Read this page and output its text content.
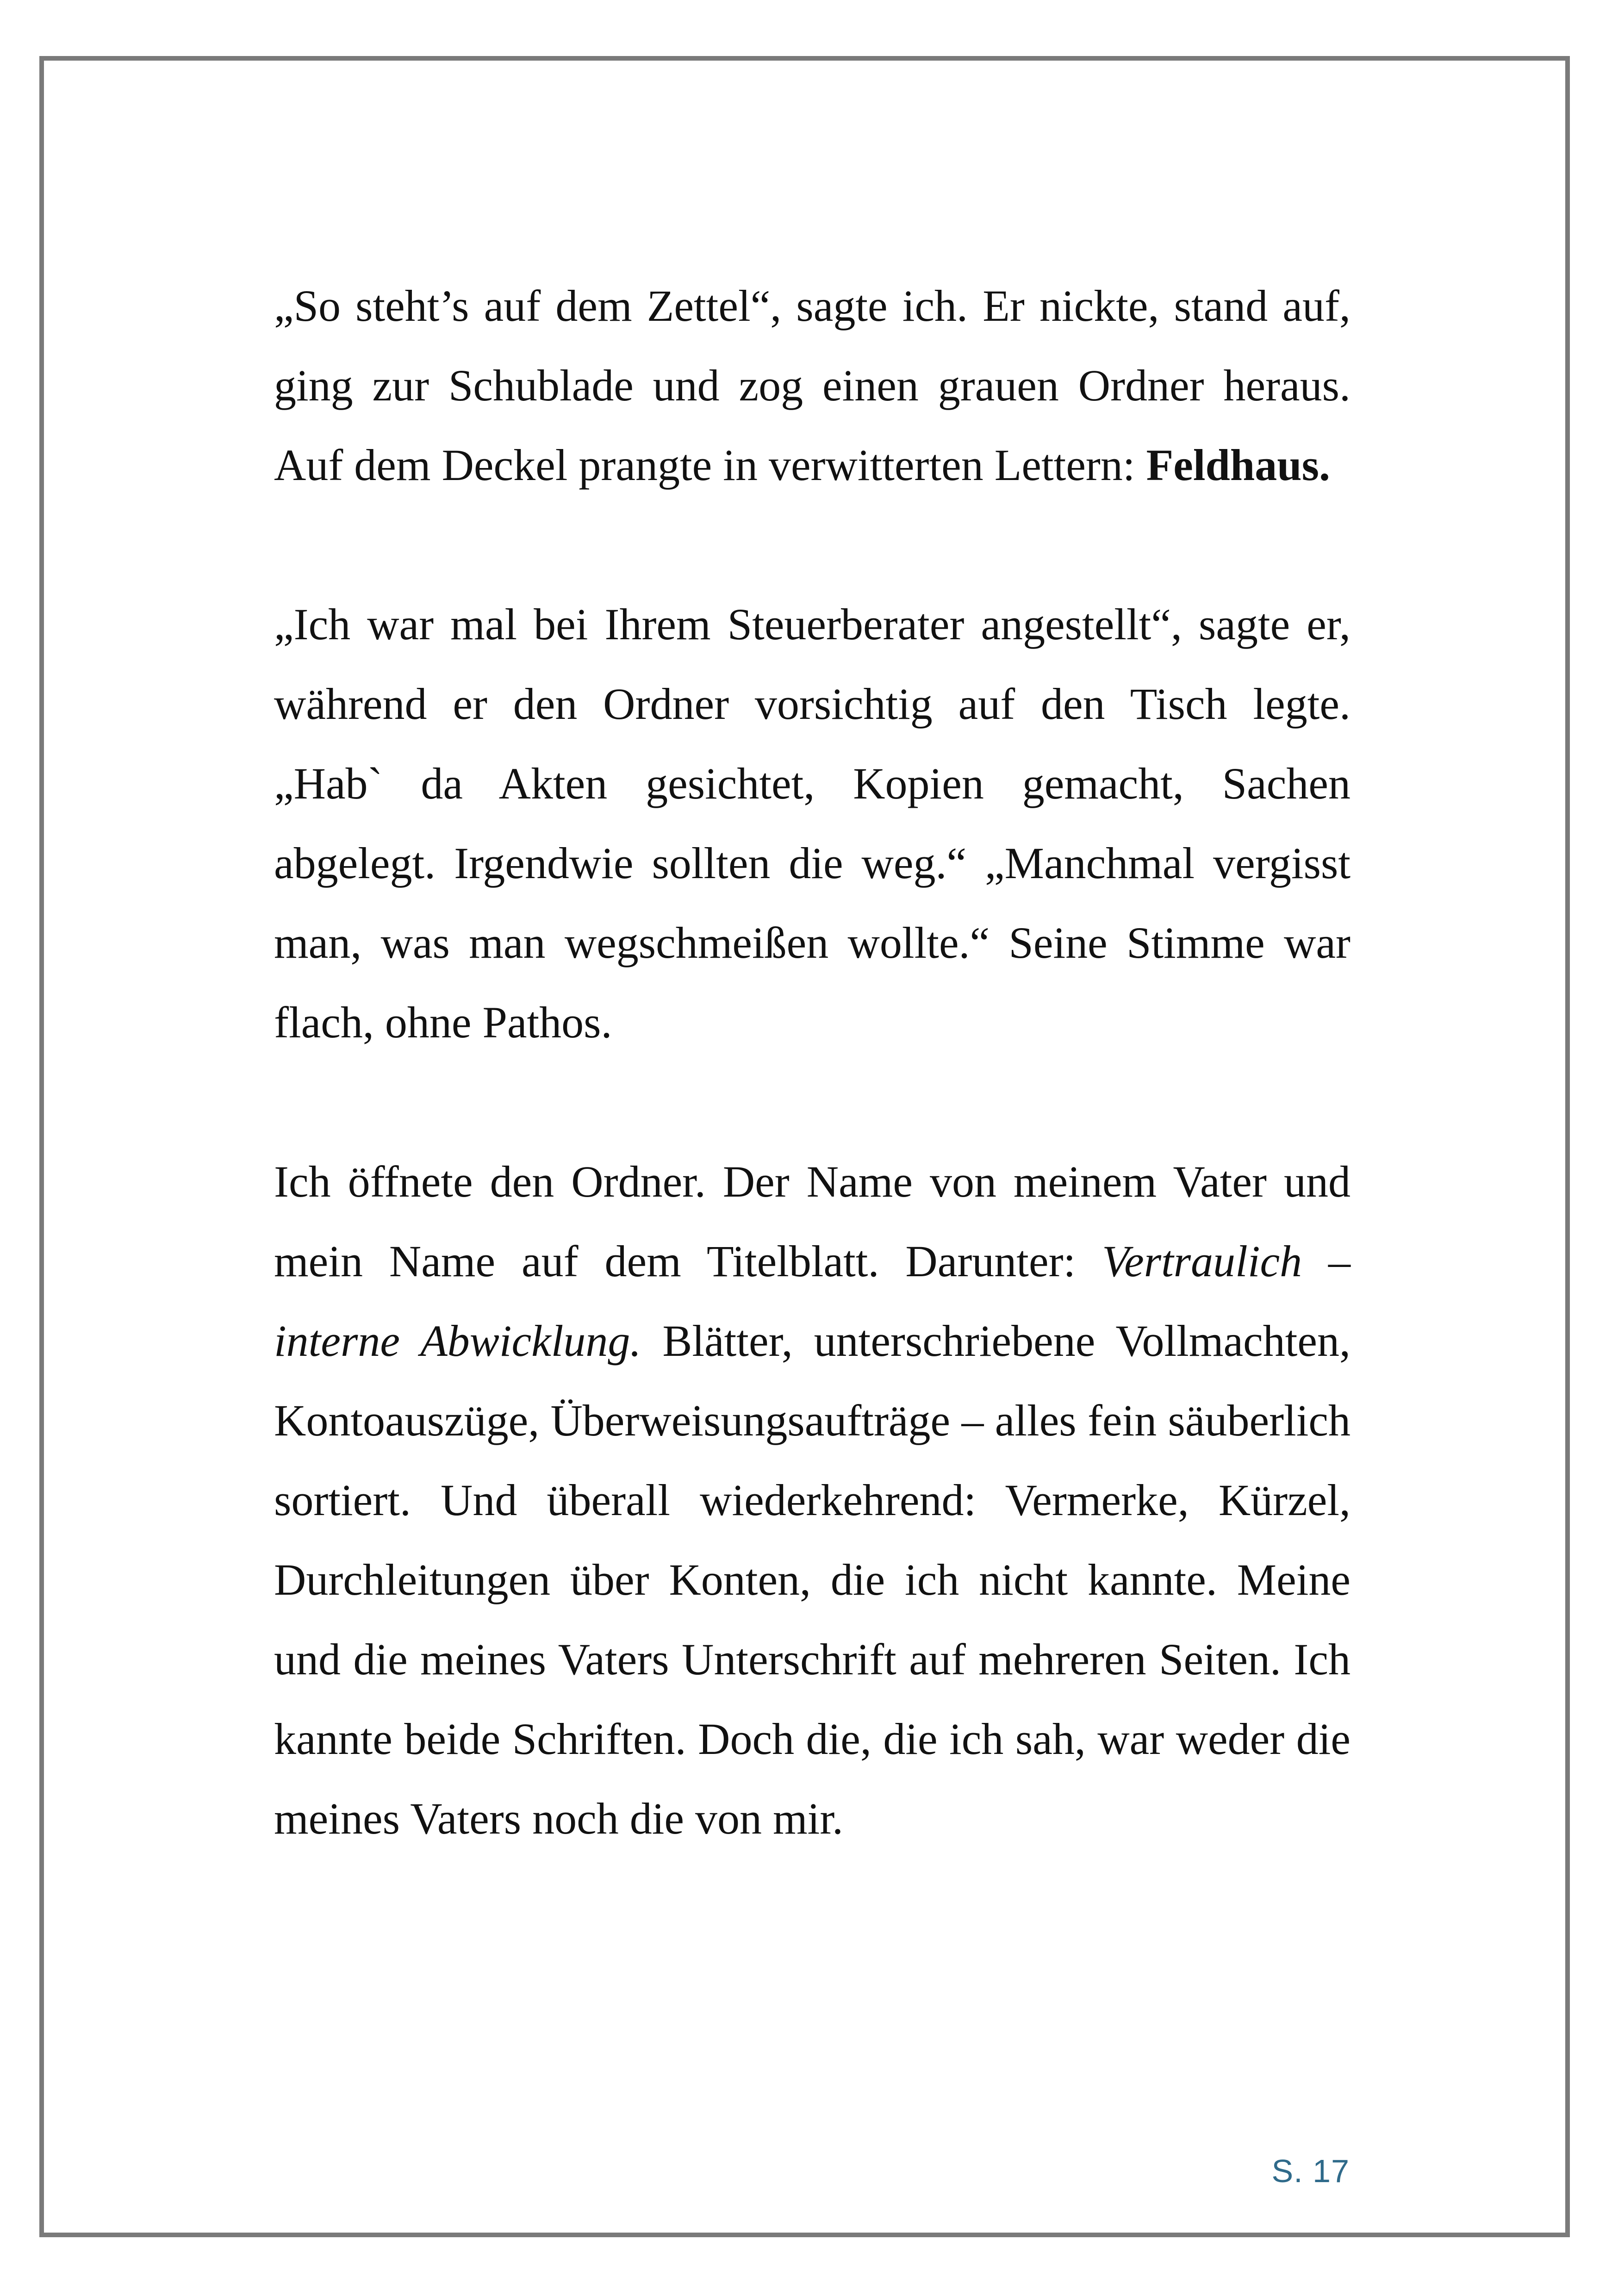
„So steht’s auf dem Zettel“, sagte ich. Er nickte, stand auf, ging zur Schublade und zog einen grauen Ordner heraus. Auf dem Deckel prangte in verwitterten Lettern: Feldhaus.

„Ich war mal bei Ihrem Steuerberater angestellt“, sagte er, während er den Ordner vorsichtig auf den Tisch legte. „Hab` da Akten gesichtet, Kopien gemacht, Sachen abgelegt. Irgendwie sollten die weg.“ „Manchmal vergisst man, was man wegschmeißen wollte.“ Seine Stimme war flach, ohne Pathos.

Ich öffnete den Ordner. Der Name von meinem Vater und mein Name auf dem Titelblatt. Darunter: Vertraulich – interne Abwicklung. Blätter, unterschriebene Vollmachten, Kontoauszüge, Überweisungsaufträge – alles fein säuberlich sortiert. Und überall wiederkehrend: Vermerke, Kürzel, Durchleitungen über Konten, die ich nicht kannte. Meine und die meines Vaters Unterschrift auf mehreren Seiten. Ich kannte beide Schriften. Doch die, die ich sah, war weder die meines Vaters noch die von mir.

S. 17
